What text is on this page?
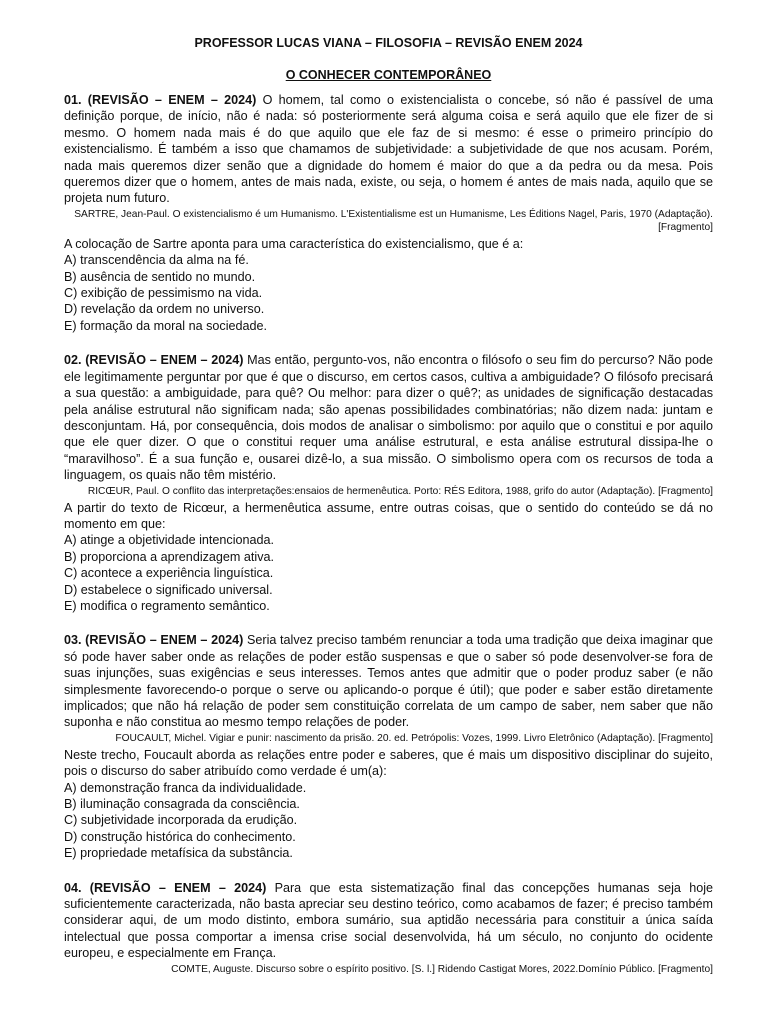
PROFESSOR LUCAS VIANA – FILOSOFIA – REVISÃO ENEM 2024
O CONHECER CONTEMPORÂNEO

01. (REVISÃO – ENEM – 2024) O homem, tal como o existencialista o concebe, só não é passível de uma definição porque, de início, não é nada: só posteriormente será alguma coisa e será aquilo que ele fizer de si mesmo. O homem nada mais é do que aquilo que ele faz de si mesmo: é esse o primeiro princípio do existencialismo. É também a isso que chamamos de subjetividade: a subjetividade de que nos acusam. Porém, nada mais queremos dizer senão que a dignidade do homem é maior do que a da pedra ou da mesa. Pois queremos dizer que o homem, antes de mais nada, existe, ou seja, o homem é antes de mais nada, aquilo que se projeta num futuro.

SARTRE, Jean-Paul. O existencialismo é um Humanismo. L'Existentialisme est un Humanisme, Les Éditions Nagel, Paris, 1970 (Adaptação). [Fragmento]

A colocação de Sartre aponta para uma característica do existencialismo, que é a:

A) transcendência da alma na fé.
B) ausência de sentido no mundo.
C) exibição de pessimismo na vida.
D) revelação da ordem no universo.
E) formação da moral na sociedade.

02. (REVISÃO – ENEM – 2024) Mas então, pergunto-vos, não encontra o filósofo o seu fim do percurso? Não pode ele legitimamente perguntar por que é que o discurso, em certos casos, cultiva a ambiguidade? O filósofo precisará a sua questão: a ambiguidade, para quê? Ou melhor: para dizer o quê?; as unidades de significação destacadas pela análise estrutural não significam nada; são apenas possibilidades combinatórias; não dizem nada: juntam e desconjuntam. Há, por consequência, dois modos de analisar o simbolismo: por aquilo que o constitui e por aquilo que ele quer dizer. O que o constitui requer uma análise estrutural, e esta análise estrutural dissipa-lhe o “maravilhoso”. É a sua função e, ousarei dizê-lo, a sua missão. O simbolismo opera com os recursos de toda a linguagem, os quais não têm mistério.

RICŒUR, Paul. O conflito das interpretações:ensaios de hermenêutica. Porto: RÉS Editora, 1988, grifo do autor (Adaptação). [Fragmento]

A partir do texto de Ricœur, a hermenêutica assume, entre outras coisas, que o sentido do conteúdo se dá no momento em que:

A) atinge a objetividade intencionada.
B) proporciona a aprendizagem ativa.
C) acontece a experiência linguística.
D) estabelece o significado universal.
E) modifica o regramento semântico.

03. (REVISÃO – ENEM – 2024) Seria talvez preciso também renunciar a toda uma tradição que deixa imaginar que só pode haver saber onde as relações de poder estão suspensas e que o saber só pode desenvolver-se fora de suas injunções, suas exigências e seus interesses. Temos antes que admitir que o poder produz saber (e não simplesmente favorecendo-o porque o serve ou aplicando-o porque é útil); que poder e saber estão diretamente implicados; que não há relação de poder sem constituição correlata de um campo de saber, nem saber que não suponha e não constitua ao mesmo tempo relações de poder.

FOUCAULT, Michel. Vigiar e punir: nascimento da prisão. 20. ed. Petrópolis: Vozes, 1999. Livro Eletrônico (Adaptação). [Fragmento]

Neste trecho, Foucault aborda as relações entre poder e saberes, que é mais um dispositivo disciplinar do sujeito, pois o discurso do saber atribuído como verdade é um(a):

A) demonstração franca da individualidade.
B) iluminação consagrada da consciência.
C) subjetividade incorporada da erudição.
D) construção histórica do conhecimento.
E) propriedade metafísica da substância.

04. (REVISÃO – ENEM – 2024) Para que esta sistematização final das concepções humanas seja hoje suficientemente caracterizada, não basta apreciar seu destino teórico, como acabamos de fazer; é preciso também considerar aqui, de um modo distinto, embora sumário, sua aptidão necessária para constituir a única saída intelectual que possa comportar a imensa crise social desenvolvida, há um século, no conjunto do ocidente europeu, e especialmente em França.

COMTE, Auguste. Discurso sobre o espírito positivo. [S. l.] Ridendo Castigat Mores, 2022.Domínio Público. [Fragmento]
